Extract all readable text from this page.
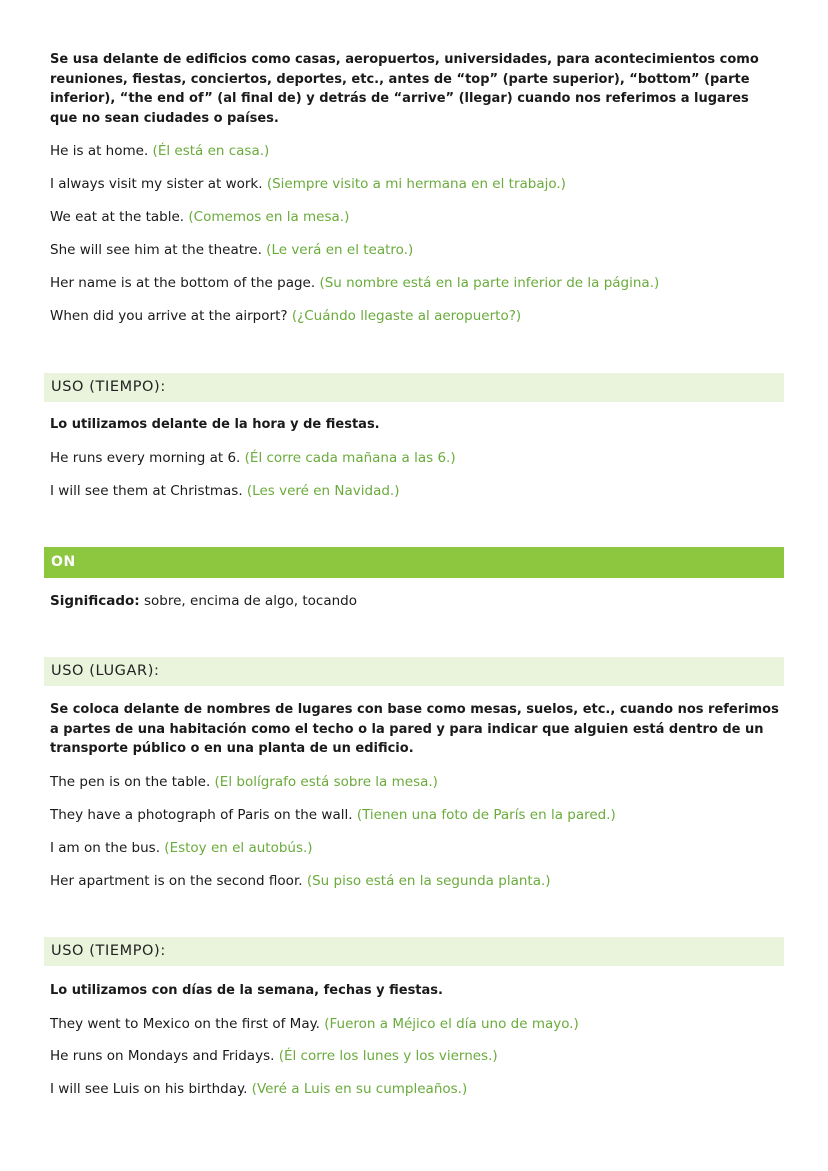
Se usa delante de edificios como casas, aeropuertos, universidades, para acontecimientos como reuniones, fiestas, conciertos, deportes, etc., antes de “top” (parte superior), “bottom” (parte inferior), “the end of” (al final de) y detrás de “arrive” (llegar) cuando nos referimos a lugares que no sean ciudades o países.

He is at home. (Él está en casa.)

I always visit my sister at work. (Siempre visito a mi hermana en el trabajo.)

We eat at the table. (Comemos en la mesa.)

She will see him at the theatre. (Le verá en el teatro.)

Her name is at the bottom of the page. (Su nombre está en la parte inferior de la página.)

When did you arrive at the airport? (¿Cuándo llegaste al aeropuerto?)

USO (TIEMPO):

Lo utilizamos delante de la hora y de fiestas.

He runs every morning at 6. (Él corre cada mañana a las 6.)

I will see them at Christmas. (Les veré en Navidad.)

ON

Significado: sobre, encima de algo, tocando

USO (LUGAR):

Se coloca delante de nombres de lugares con base como mesas, suelos, etc., cuando nos referimos a partes de una habitación como el techo o la pared y para indicar que alguien está dentro de un transporte público o en una planta de un edificio.

The pen is on the table. (El bolígrafo está sobre la mesa.)

They have a photograph of Paris on the wall. (Tienen una foto de París en la pared.)

I am on the bus. (Estoy en el autobús.)

Her apartment is on the second floor. (Su piso está en la segunda planta.)

USO (TIEMPO):

Lo utilizamos con días de la semana, fechas y fiestas.

They went to Mexico on the first of May. (Fueron a Méjico el día uno de mayo.)

He runs on Mondays and Fridays. (Él corre los lunes y los viernes.)

I will see Luis on his birthday. (Veré a Luis en su cumpleaños.)
